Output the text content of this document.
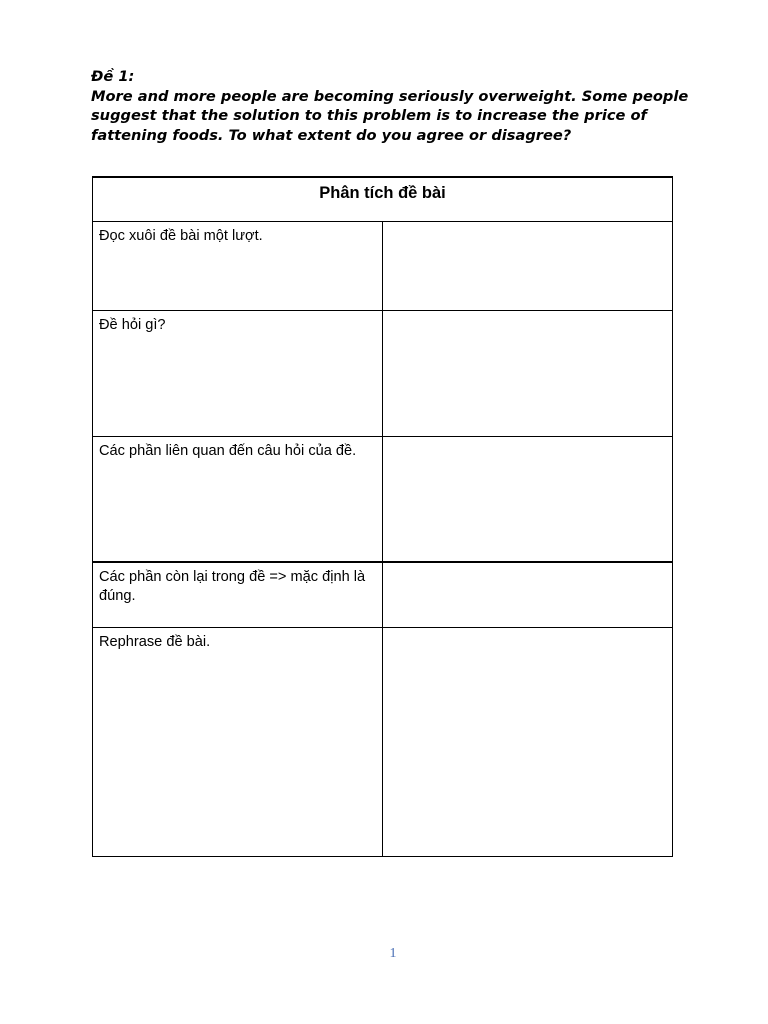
Đề 1:

More and more people are becoming seriously overweight. Some people suggest that the solution to this problem is to increase the price of fattening foods. To what extent do you agree or disagree?

Phân tích đề bài	
Đọc xuôi đề bài một lượt.	
Đề hỏi gì?	
Các phần liên quan đến câu hỏi của đề.	
Các phần còn lại trong đề => mặc định là đúng.	
Rephrase đề bài.	
1
